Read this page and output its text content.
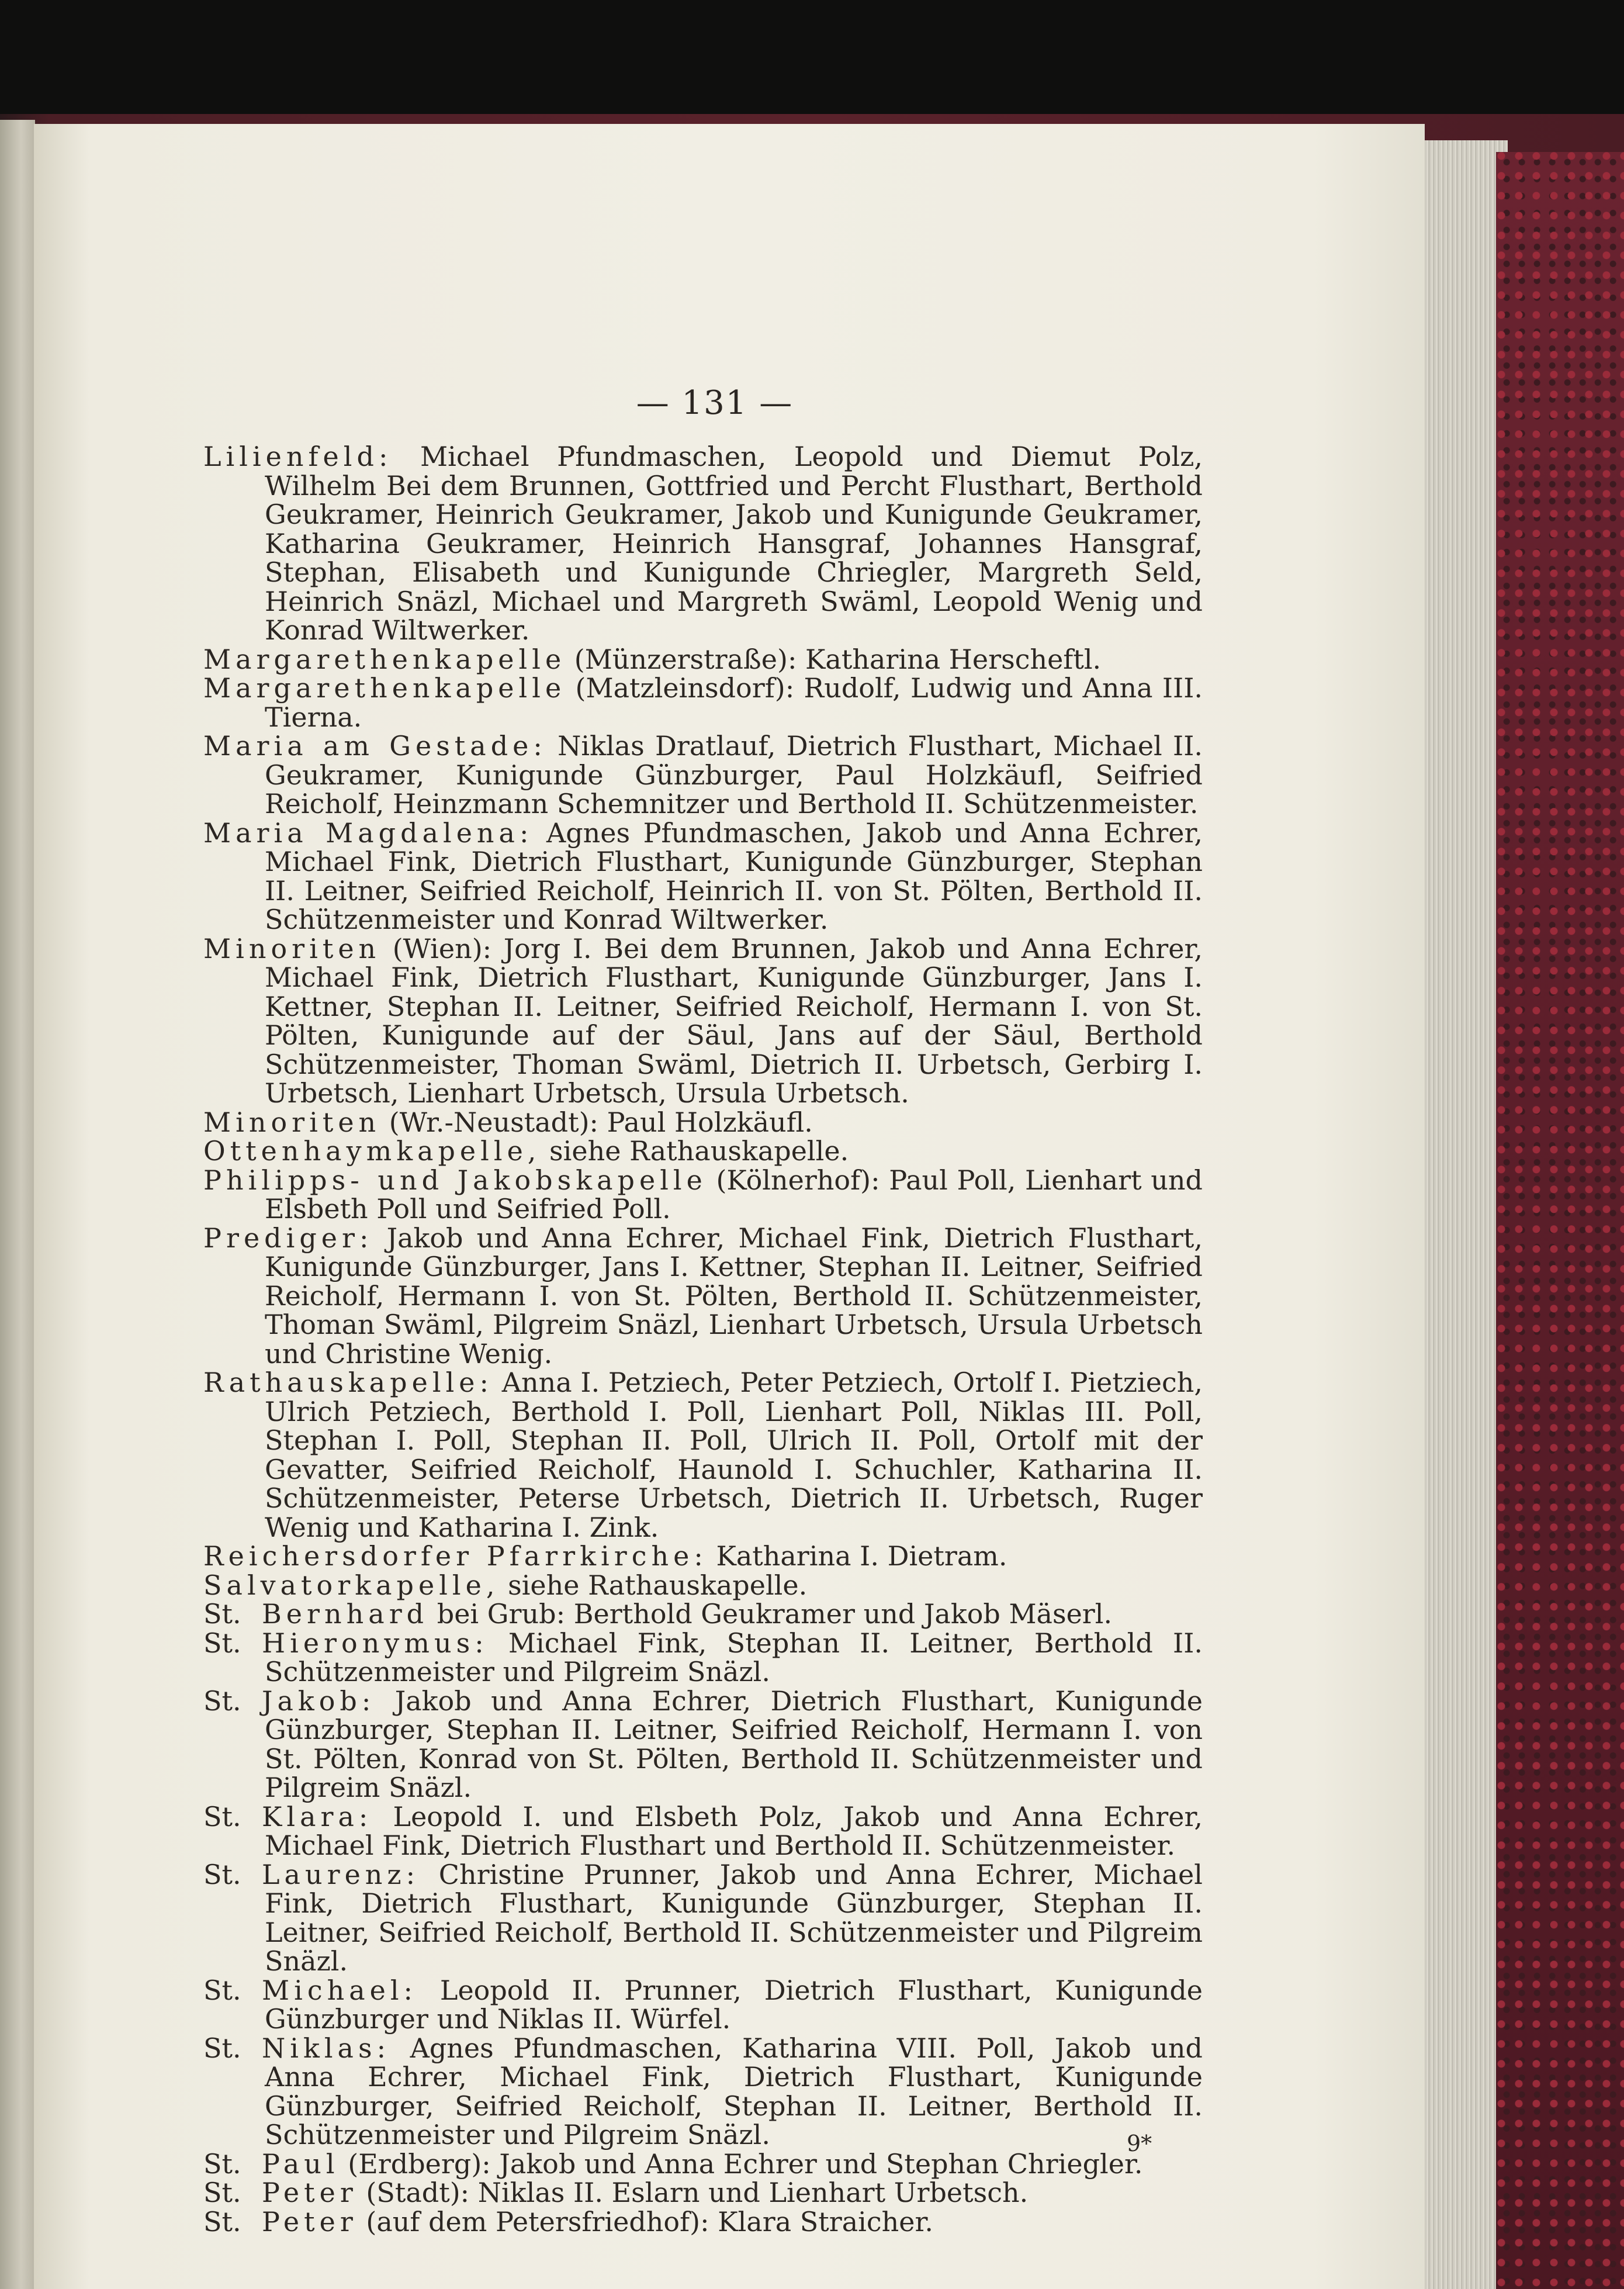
— 131 —
Lilienfeld: Michael Pfundmaschen, Leopold und Diemut Polz, Wilhelm Bei dem Brunnen, Gottfried und Percht Flusthart, Berthold Geukramer, Heinrich Geukramer, Jakob und Kunigunde Geukramer, Katharina Geukramer, Heinrich Hansgraf, Johannes Hansgraf, Stephan, Elisabeth und Kunigunde Chriegler, Margreth Seld, Heinrich Snäzl, Michael und Margreth Swäml, Leopold Wenig und Konrad Wiltwerker.
Margarethenkapelle (Münzerstraße): Katharina Herscheftl.
Margarethenkapelle (Matzleinsdorf): Rudolf, Ludwig und Anna III. Tierna.
Maria am Gestade: Niklas Dratlauf, Dietrich Flusthart, Michael II. Geukramer, Kunigunde Günzburger, Paul Holzkäufl, Seifried Reicholf, Heinzmann Schemnitzer und Berthold II. Schützenmeister.
Maria Magdalena: Agnes Pfundmaschen, Jakob und Anna Echrer, Michael Fink, Dietrich Flusthart, Kunigunde Günzburger, Stephan II. Leitner, Seifried Reicholf, Heinrich II. von St. Pölten, Berthold II. Schützenmeister und Konrad Wiltwerker.
Minoriten (Wien): Jorg I. Bei dem Brunnen, Jakob und Anna Echrer, Michael Fink, Dietrich Flusthart, Kunigunde Günzburger, Jans I. Kettner, Stephan II. Leitner, Seifried Reicholf, Hermann I. von St. Pölten, Kunigunde auf der Säul, Jans auf der Säul, Berthold Schützenmeister, Thoman Swäml, Dietrich II. Urbetsch, Gerbirg I. Urbetsch, Lienhart Urbetsch, Ursula Urbetsch.
Minoriten (Wr.-Neustadt): Paul Holzkäufl.
Ottenhaymkapelle, siehe Rathauskapelle.
Philipps- und Jakobskapelle (Kölnerhof): Paul Poll, Lienhart und Elsbeth Poll und Seifried Poll.
Prediger: Jakob und Anna Echrer, Michael Fink, Dietrich Flusthart, Kunigunde Günzburger, Jans I. Kettner, Stephan II. Leitner, Seifried Reicholf, Hermann I. von St. Pölten, Berthold II. Schützenmeister, Thoman Swäml, Pilgreim Snäzl, Lienhart Urbetsch, Ursula Urbetsch und Christine Wenig.
Rathauskapelle: Anna I. Petziech, Peter Petziech, Ortolf I. Pietziech, Ulrich Petziech, Berthold I. Poll, Lienhart Poll, Niklas III. Poll, Stephan I. Poll, Stephan II. Poll, Ulrich II. Poll, Ortolf mit der Gevatter, Seifried Reicholf, Haunold I. Schuchler, Katharina II. Schützenmeister, Peterse Urbetsch, Dietrich II. Urbetsch, Ruger Wenig und Katharina I. Zink.
Reichersdorfer Pfarrkirche: Katharina I. Dietram.
Salvatorkapelle, siehe Rathauskapelle.
St. Bernhard bei Grub: Berthold Geukramer und Jakob Mäserl.
St. Hieronymus: Michael Fink, Stephan II. Leitner, Berthold II. Schützenmeister und Pilgreim Snäzl.
St. Jakob: Jakob und Anna Echrer, Dietrich Flusthart, Kunigunde Günzburger, Stephan II. Leitner, Seifried Reicholf, Hermann I. von St. Pölten, Konrad von St. Pölten, Berthold II. Schützenmeister und Pilgreim Snäzl.
St. Klara: Leopold I. und Elsbeth Polz, Jakob und Anna Echrer, Michael Fink, Dietrich Flusthart und Berthold II. Schützenmeister.
St. Laurenz: Christine Prunner, Jakob und Anna Echrer, Michael Fink, Dietrich Flusthart, Kunigunde Günzburger, Stephan II. Leitner, Seifried Reicholf, Berthold II. Schützenmeister und Pilgreim Snäzl.
St. Michael: Leopold II. Prunner, Dietrich Flusthart, Kunigunde Günzburger und Niklas II. Würfel.
St. Niklas: Agnes Pfundmaschen, Katharina VIII. Poll, Jakob und Anna Echrer, Michael Fink, Dietrich Flusthart, Kunigunde Günzburger, Seifried Reicholf, Stephan II. Leitner, Berthold II. Schützenmeister und Pilgreim Snäzl.
St. Paul (Erdberg): Jakob und Anna Echrer und Stephan Chriegler.
St. Peter (Stadt): Niklas II. Eslarn und Lienhart Urbetsch.
St. Peter (auf dem Petersfriedhof): Klara Straicher.
9*
